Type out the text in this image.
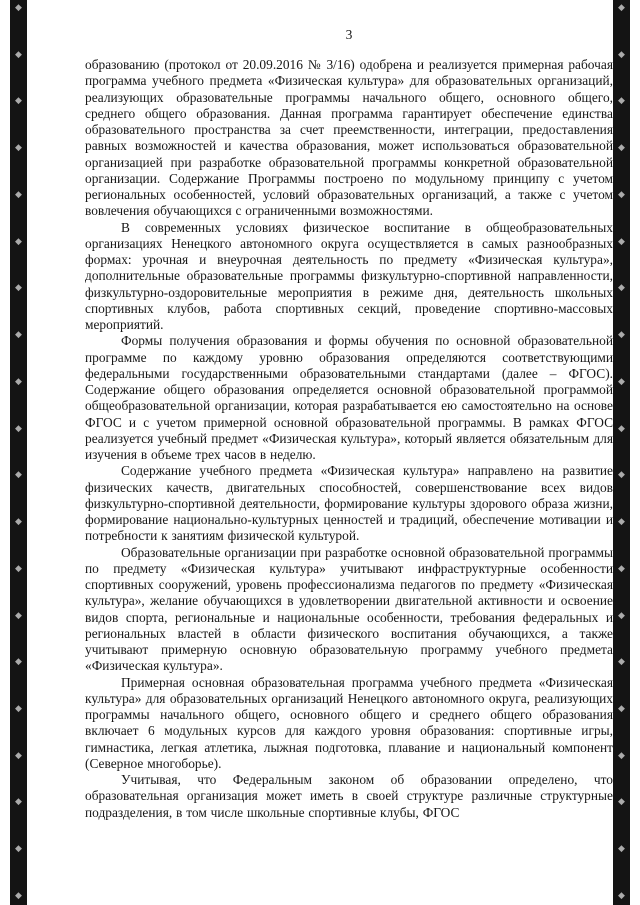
◆
◆
◆
◆
◆
◆
◆
◆
◆
◆
◆
◆
◆
◆
◆
◆
◆
◆
◆
◆
◆
◆
◆
◆
◆
◆
◆
◆
◆
◆
◆
◆
◆
◆
◆
◆
◆
◆
◆
◆
3

образованию (протокол от 20.09.2016 № 3/16) одобрена и реализуется примерная рабочая программа учебного предмета «Физическая культура» для образовательных организаций, реализующих образовательные программы начального общего, основного общего, среднего общего образования. Данная программа гарантирует обеспечение единства образовательного пространства за счет преемственности, интеграции, предоставления равных возможностей и качества образования, может использоваться образовательной организацией при разработке образовательной программы конкретной образовательной организации. Содержание Программы построено по модульному принципу с учетом региональных особенностей, условий образовательных организаций, а также с учетом вовлечения обучающихся с ограниченными возможностями.

В современных условиях физическое воспитание в общеобразовательных организациях Ненецкого автономного округа осуществляется в самых разнообразных формах: урочная и внеурочная деятельность по предмету «Физическая культура», дополнительные образовательные программы физкультурно-спортивной направленности, физкультурно-оздоровительные мероприятия в режиме дня, деятельность школьных спортивных клубов, работа спортивных секций, проведение спортивно-массовых мероприятий.

Формы получения образования и формы обучения по основной образовательной программе по каждому уровню образования определяются соответствующими федеральными государственными образовательными стандартами (далее – ФГОС). Содержание общего образования определяется основной образовательной программой общеобразовательной организации, которая разрабатывается ею самостоятельно на основе ФГОС и с учетом примерной основной образовательной программы. В рамках ФГОС реализуется учебный предмет «Физическая культура», который является обязательным для изучения в объеме трех часов в неделю.

Содержание учебного предмета «Физическая культура» направлено на развитие физических качеств, двигательных способностей, совершенствование всех видов физкультурно-спортивной деятельности, формирование культуры здорового образа жизни, формирование национально-культурных ценностей и традиций, обеспечение мотивации и потребности к занятиям физической культурой.

Образовательные организации при разработке основной образовательной программы по предмету «Физическая культура» учитывают инфраструктурные особенности спортивных сооружений, уровень профессионализма педагогов по предмету «Физическая культура», желание обучающихся в удовлетворении двигательной активности и освоение видов спорта, региональные и национальные особенности, требования федеральных и региональных властей в области физического воспитания обучающихся, а также учитывают примерную основную образовательную программу учебного предмета «Физическая культура».

Примерная основная образовательная программа учебного предмета «Физическая культура» для образовательных организаций Ненецкого автономного округа, реализующих программы начального общего, основного общего и среднего общего образования включает 6 модульных курсов для каждого уровня образования: спортивные игры, гимнастика, легкая атлетика, лыжная подготовка, плавание и национальный компонент (Северное многоборье).

Учитывая, что Федеральным законом об образовании определено, что образовательная организация может иметь в своей структуре различные структурные подразделения, в том числе школьные спортивные клубы, ФГОС
